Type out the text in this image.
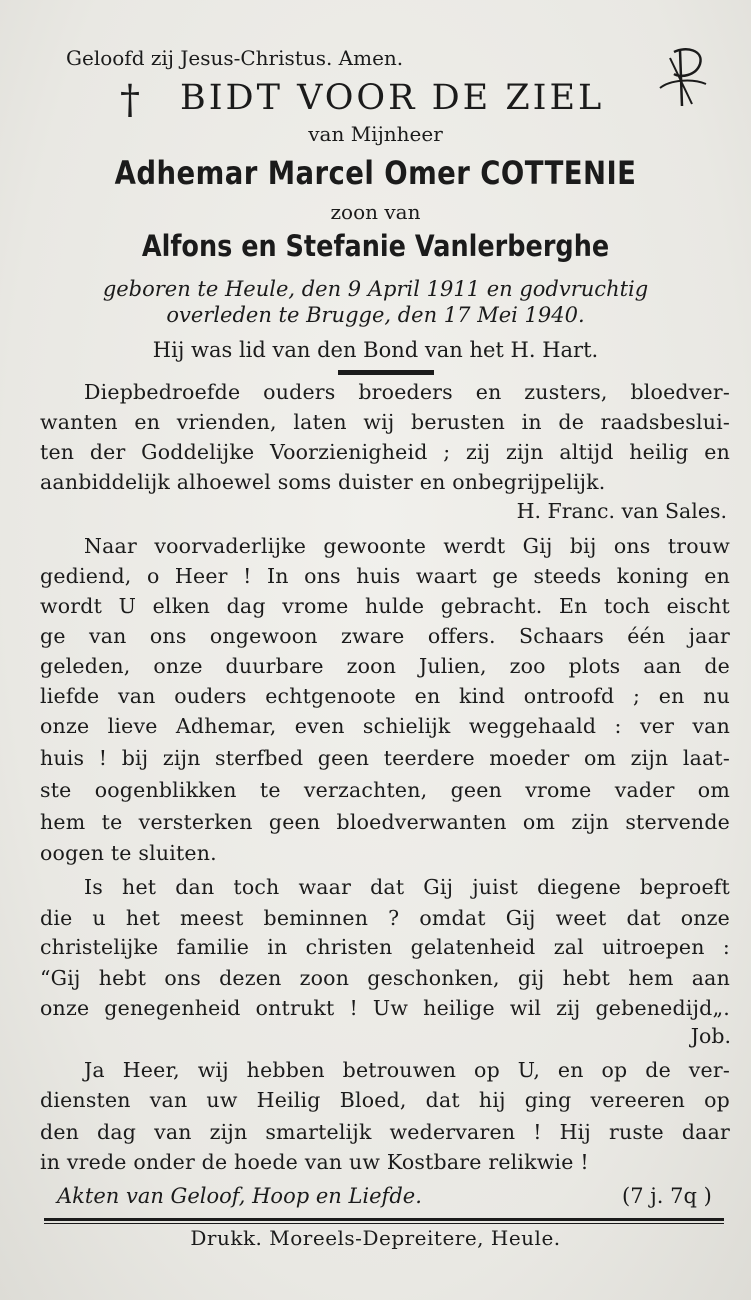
Geloofd zij Jesus-Christus. Amen.
† BIDT VOOR DE ZIEL
van Mijnheer
Adhemar Marcel Omer COTTENIE
zoon van
Alfons en Stefanie Vanlerberghe
geboren te Heule, den 9 April 1911 en godvruchtig
overleden te Brugge, den 17 Mei 1940.
Hij was lid van den Bond van het H. Hart.
Diepbedroefde ouders broeders en zusters, bloedver-
wanten en vrienden, laten wij berusten in de raadsbeslui-
ten der Goddelijke Voorzienigheid ; zij zijn altijd heilig en
aanbiddelijk alhoewel soms duister en onbegrijpelijk.
H. Franc. van Sales.
Naar voorvaderlijke gewoonte werdt Gij bij ons trouw
gediend, o Heer ! In ons huis waart ge steeds koning en
wordt U elken dag vrome hulde gebracht. En toch eischt
ge van ons ongewoon zware offers. Schaars één jaar
geleden, onze duurbare zoon Julien, zoo plots aan de
liefde van ouders echtgenoote en kind ontroofd ; en nu
onze lieve Adhemar, even schielijk weggehaald : ver van
huis ! bij zijn sterfbed geen teerdere moeder om zijn laat-
ste oogenblikken te verzachten, geen vrome vader om
hem te versterken geen bloedverwanten om zijn stervende
oogen te sluiten.
Is het dan toch waar dat Gij juist diegene beproeft
die u het meest beminnen ? omdat Gij weet dat onze
christelijke familie in christen gelatenheid zal uitroepen :
“Gij hebt ons dezen zoon geschonken, gij hebt hem aan
onze genegenheid ontrukt ! Uw heilige wil zij gebenedijd„.
Job.
Ja Heer, wij hebben betrouwen op U, en op de ver-
diensten van uw Heilig Bloed, dat hij ging vereeren op
den dag van zijn smartelijk wedervaren ! Hij ruste daar
in vrede onder de hoede van uw Kostbare relikwie !
Akten van Geloof, Hoop en Liefde.	(7 j. 7q )
Drukk. Moreels-Depreitere, Heule.
